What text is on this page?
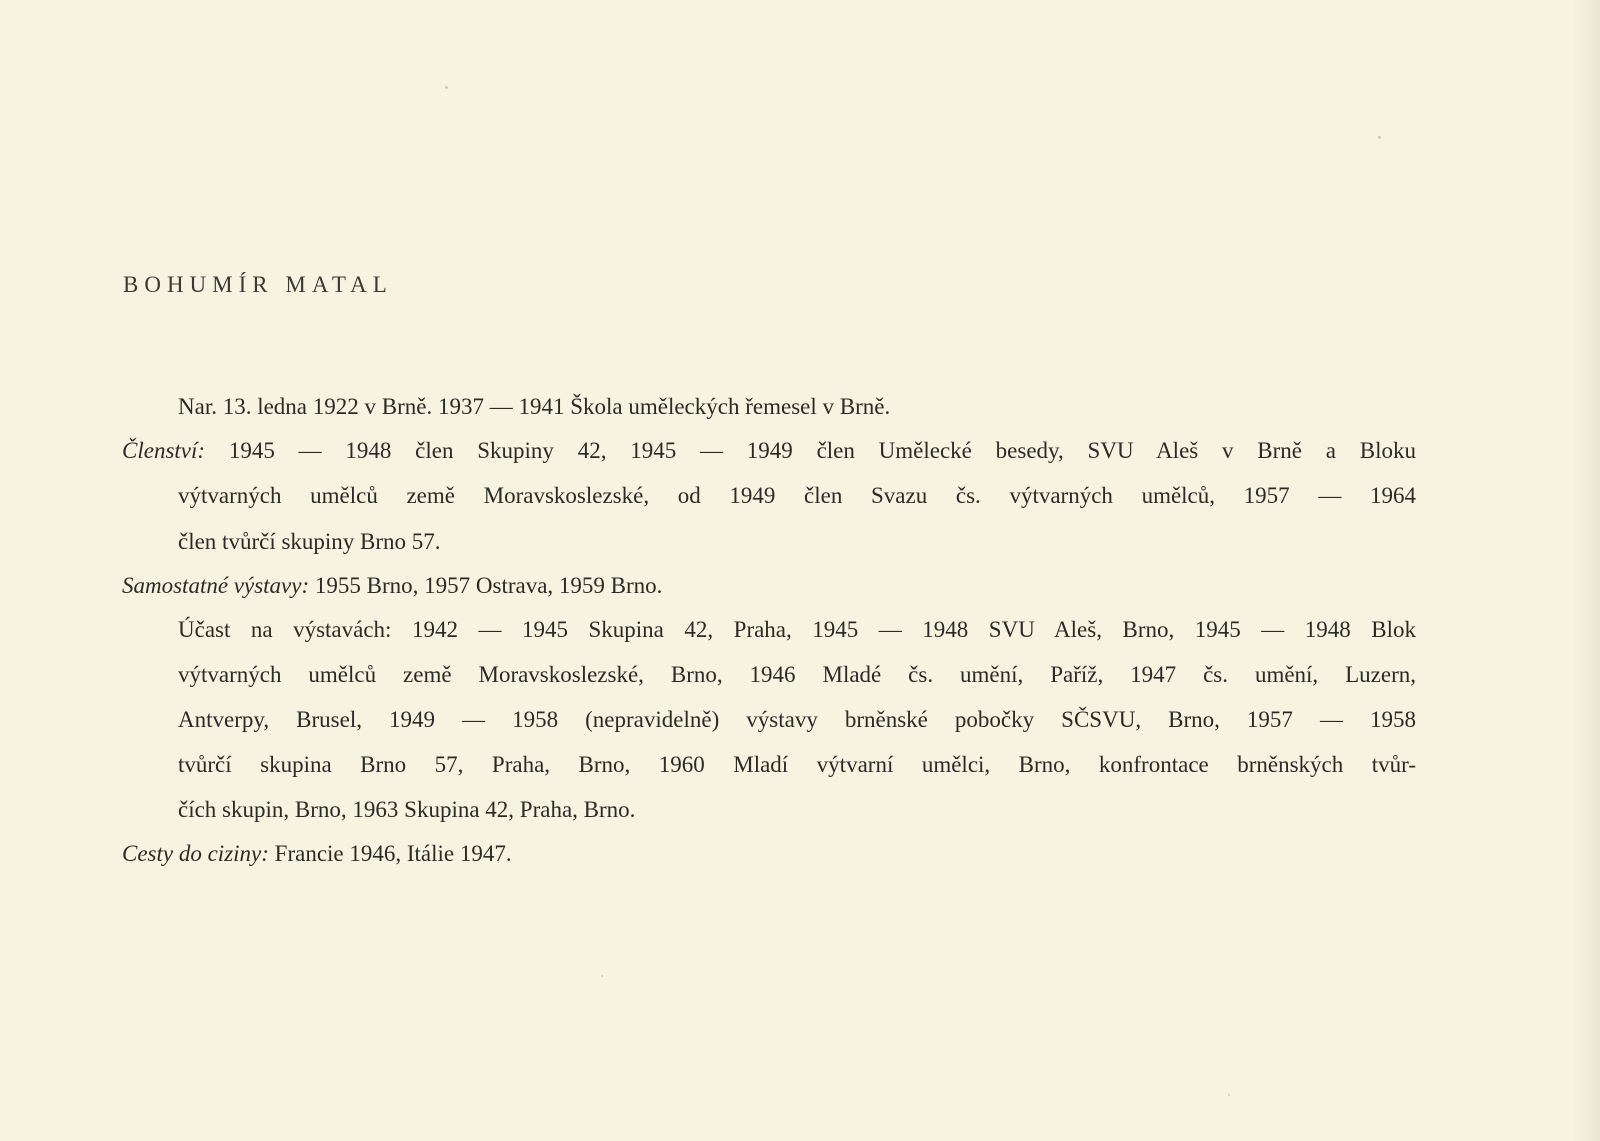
BOHUMÍR MATAL
Nar. 13. ledna 1922 v Brně. 1937 — 1941 Škola uměleckých řemesel v Brně.
Členství: 1945 — 1948 člen Skupiny 42, 1945 — 1949 člen Umělecké besedy, SVU Aleš v Brně a Bloku
výtvarných umělců země Moravskoslezské, od 1949 člen Svazu čs. výtvarných umělců, 1957 — 1964
člen tvůrčí skupiny Brno 57.
Samostatné výstavy: 1955 Brno, 1957 Ostrava, 1959 Brno.
Účast na výstavách: 1942 — 1945 Skupina 42, Praha, 1945 — 1948 SVU Aleš, Brno, 1945 — 1948 Blok
výtvarných umělců země Moravskoslezské, Brno, 1946 Mladé čs. umění, Paříž, 1947 čs. umění, Luzern,
Antverpy, Brusel, 1949 — 1958 (nepravidelně) výstavy brněnské pobočky SČSVU, Brno, 1957 — 1958
tvůrčí skupina Brno 57, Praha, Brno, 1960 Mladí výtvarní umělci, Brno, konfrontace brněnských tvůr-
čích skupin, Brno, 1963 Skupina 42, Praha, Brno.
Cesty do ciziny: Francie 1946, Itálie 1947.
